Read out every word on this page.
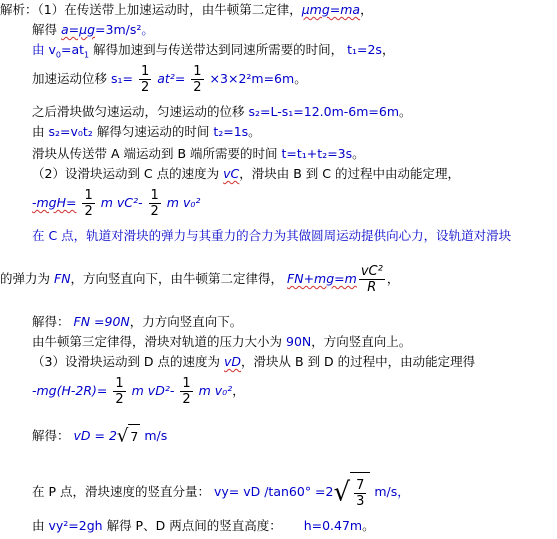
解析：（1）在传送带上加速运动时，由牛顿第二定律，μmg=ma，
解得 a=μg=3m/s²。
由 $v_0=at_1$ 解得加速到与传送带达到同速所需要的时间， t₁=2s，
加速运动位移 $s_1= \frac{1}{2} at^2= \frac{1}{2} \times 3\times 2^2m=6m$。
之后滑块做匀速运动，匀速运动的位移 s₂=L-s₁=12.0m-6m=6m。
由 s₂=v₀t₂ 解得匀速运动的时间 t₂=1s。
滑块从传送带 A 端运动到 B 端所需要的时间 t=t₁+t₂=3s。
（2）设滑块运动到 C 点的速度为 vC，滑块由 B 到 C 的过程中由动能定理，
$-mgH= \frac{1}{2}$ m $vC^2- \frac{1}{2}$ m v₀²
在 C 点，轨道对滑块的弹力与其重力的合力为其做圆周运动提供向心力，设轨道对滑块
的弹力为 FN，方向竖直向下，由牛顿第二定律得， $FN+mg=m \frac{\text{vC²}}{R}$ ，
解得： FN =90N，力方向竖直向下。
由牛顿第三定律得，滑块对轨道的压力大小为 90N，方向竖直向上。
（3）设滑块运动到 D 点的速度为 vD，滑块从 B 到 D 的过程中，由动能定理得
$-mg(H-2R)= \frac{1}{2}$ m $vD^2- \frac{1}{2}$ m v₀²，
解得： vD = 2√ 7 m/s
在 P 点，滑块速度的竖直分量： vy= vD $/\tan 60^\circ =2√ \frac{7}{3} m/s$，
由 vy²=2gh 解得 P、D 两点间的竖直高度： h=0.47m。
